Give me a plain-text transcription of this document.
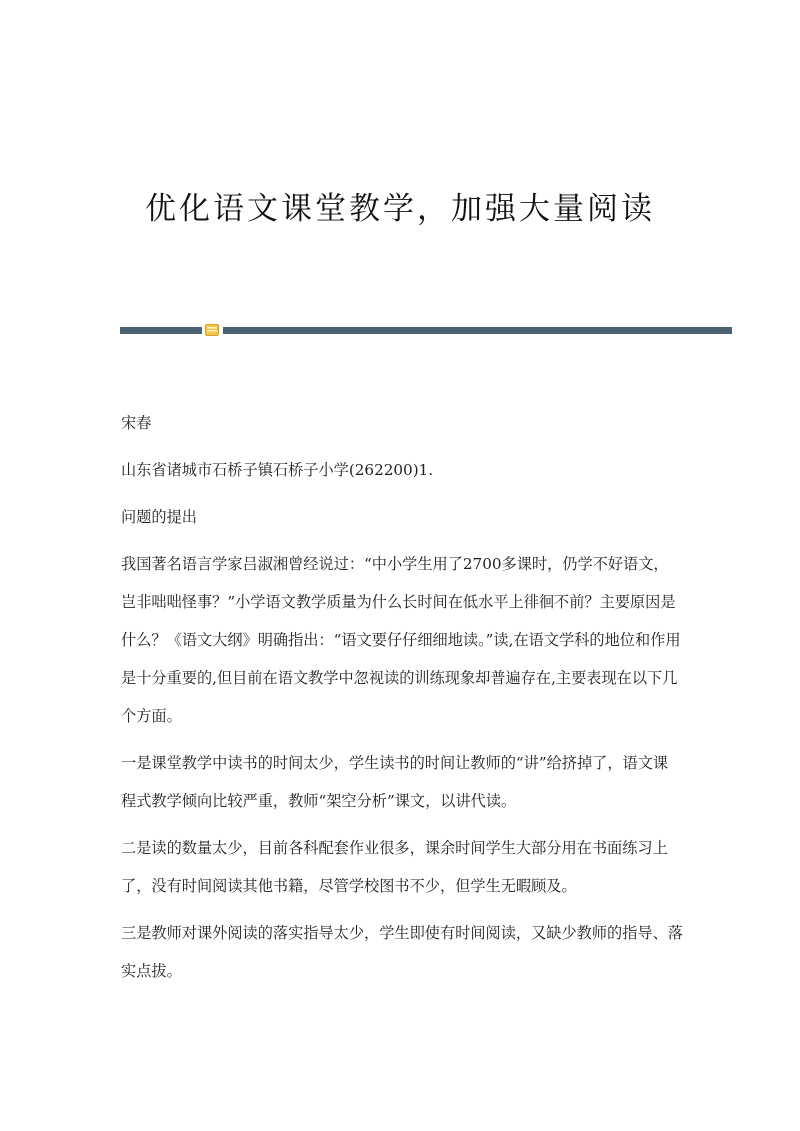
优化语文课堂教学，加强大量阅读

宋春

山东省诸城市石桥子镇石桥子小学(262200)1.

问题的提出

我国著名语言学家吕淑湘曾经说过：“中小学生用了2700多课时，仍学不好语文，岂非咄咄怪事？”小学语文教学质量为什么长时间在低水平上徘徊不前？主要原因是什么？《语文大纲》明确指出：“语文要仔仔细细地读。”读,在语文学科的地位和作用是十分重要的,但目前在语文教学中忽视读的训练现象却普遍存在,主要表现在以下几个方面。

一是课堂教学中读书的时间太少，学生读书的时间让教师的“讲”给挤掉了，语文课程式教学倾向比较严重，教师“架空分析”课文，以讲代读。

二是读的数量太少，目前各科配套作业很多，课余时间学生大部分用在书面练习上了，没有时间阅读其他书籍，尽管学校图书不少，但学生无暇顾及。

三是教师对课外阅读的落实指导太少，学生即使有时间阅读，又缺少教师的指导、落实点拔。
